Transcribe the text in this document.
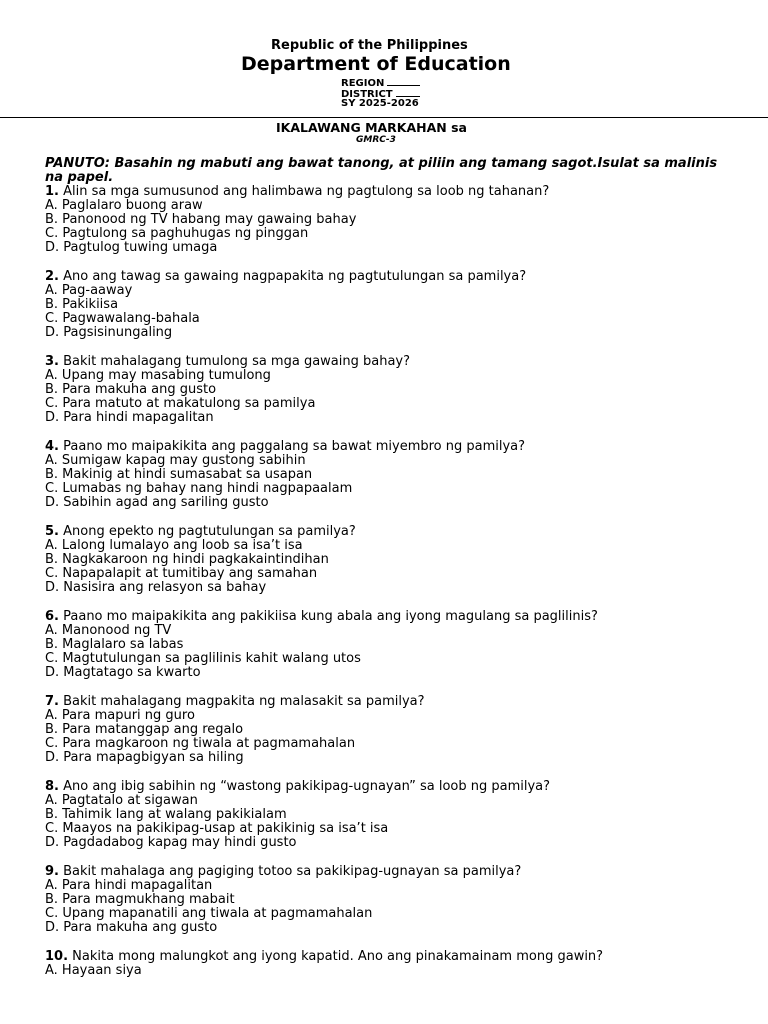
Republic of the Philippines
Department of Education
REGION
DISTRICT
SY 2025-2026
IKALAWANG MARKAHAN sa
GMRC-3

PANUTO: Basahin ng mabuti ang bawat tanong, at piliin ang tamang sagot.Isulat sa malinis na papel.

1. Alin sa mga sumusunod ang halimbawa ng pagtulong sa loob ng tahanan?

A. Paglalaro buong araw

B. Panonood ng TV habang may gawaing bahay

C. Pagtulong sa paghuhugas ng pinggan

D. Pagtulog tuwing umaga

2. Ano ang tawag sa gawaing nagpapakita ng pagtutulungan sa pamilya?

A. Pag-aaway

B. Pakikiisa

C. Pagwawalang-bahala

D. Pagsisinungaling

3. Bakit mahalagang tumulong sa mga gawaing bahay?

A. Upang may masabing tumulong

B. Para makuha ang gusto

C. Para matuto at makatulong sa pamilya

D. Para hindi mapagalitan

4. Paano mo maipakikita ang paggalang sa bawat miyembro ng pamilya?

A. Sumigaw kapag may gustong sabihin

B. Makinig at hindi sumasabat sa usapan

C. Lumabas ng bahay nang hindi nagpapaalam

D. Sabihin agad ang sariling gusto

5. Anong epekto ng pagtutulungan sa pamilya?

A. Lalong lumalayo ang loob sa isa’t isa

B. Nagkakaroon ng hindi pagkakaintindihan

C. Napapalapit at tumitibay ang samahan

D. Nasisira ang relasyon sa bahay

6. Paano mo maipakikita ang pakikiisa kung abala ang iyong magulang sa paglilinis?

A. Manonood ng TV

B. Maglalaro sa labas

C. Magtutulungan sa paglilinis kahit walang utos

D. Magtatago sa kwarto

7. Bakit mahalagang magpakita ng malasakit sa pamilya?

A. Para mapuri ng guro

B. Para matanggap ang regalo

C. Para magkaroon ng tiwala at pagmamahalan

D. Para mapagbigyan sa hiling

8. Ano ang ibig sabihin ng “wastong pakikipag-ugnayan” sa loob ng pamilya?

A. Pagtatalo at sigawan

B. Tahimik lang at walang pakikialam

C. Maayos na pakikipag-usap at pakikinig sa isa’t isa

D. Pagdadabog kapag may hindi gusto

9. Bakit mahalaga ang pagiging totoo sa pakikipag-ugnayan sa pamilya?

A. Para hindi mapagalitan

B. Para magmukhang mabait

C. Upang mapanatili ang tiwala at pagmamahalan

D. Para makuha ang gusto

10. Nakita mong malungkot ang iyong kapatid. Ano ang pinakamainam mong gawin?

A. Hayaan siya
